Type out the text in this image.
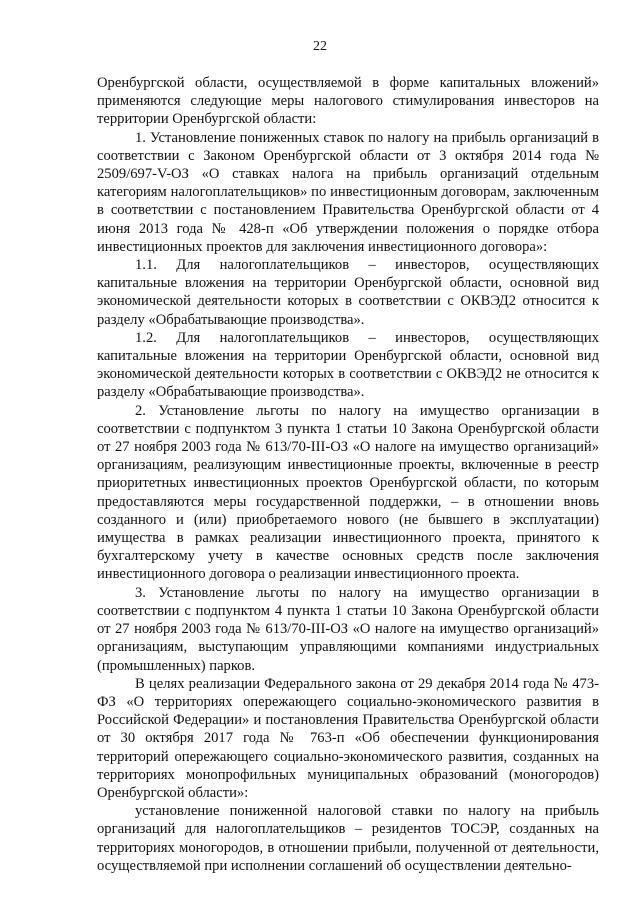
22

Оренбургской области, осуществляемой в форме капитальных вложений» применяются следующие меры налогового стимулирования инвесторов на территории Оренбургской области:

1. Установление пониженных ставок по налогу на прибыль организаций в соответствии с Законом Оренбургской области от 3 октября 2014 года № 2509/697-V-ОЗ «О ставках налога на прибыль организаций отдельным категориям налогоплательщиков» по инвестиционным договорам, заключенным в соответствии с постановлением Правительства Оренбургской области от 4 июня 2013 года № 428-п «Об утверждении положения о порядке отбора инвестиционных проектов для заключения инвестиционного договора»:

1.1. Для налогоплательщиков – инвесторов, осуществляющих капитальные вложения на территории Оренбургской области, основной вид экономической деятельности которых в соответствии с ОКВЭД2 относится к разделу «Обрабатывающие производства».

1.2. Для налогоплательщиков – инвесторов, осуществляющих капитальные вложения на территории Оренбургской области, основной вид экономической деятельности которых в соответствии с ОКВЭД2 не относится к разделу «Обрабатывающие производства».

2. Установление льготы по налогу на имущество организации в соответствии с подпунктом 3 пункта 1 статьи 10 Закона Оренбургской области от 27 ноября 2003 года № 613/70-III-ОЗ «О налоге на имущество организаций» организациям, реализующим инвестиционные проекты, включенные в реестр приоритетных инвестиционных проектов Оренбургской области, по которым предоставляются меры государственной поддержки, – в отношении вновь созданного и (или) приобретаемого нового (не бывшего в эксплуатации) имущества в рамках реализации инвестиционного проекта, принятого к бухгалтерскому учету в качестве основных средств после заключения инвестиционного договора о реализации инвестиционного проекта.

3. Установление льготы по налогу на имущество организации в соответствии с подпунктом 4 пункта 1 статьи 10 Закона Оренбургской области от 27 ноября 2003 года № 613/70-III-ОЗ «О налоге на имущество организаций» организациям, выступающим управляющими компаниями индустриальных (промышленных) парков.

В целях реализации Федерального закона от 29 декабря 2014 года № 473-ФЗ «О территориях опережающего социально-экономического развития в Российской Федерации» и постановления Правительства Оренбургской области от 30 октября 2017 года № 763-п «Об обеспечении функционирования территорий опережающего социально-экономического развития, созданных на территориях монопрофильных муниципальных образований (моногородов) Оренбургской области»:

установление пониженной налоговой ставки по налогу на прибыль организаций для налогоплательщиков – резидентов ТОСЭР, созданных на территориях моногородов, в отношении прибыли, полученной от деятельности, осуществляемой при исполнении соглашений об осуществлении деятельно-
